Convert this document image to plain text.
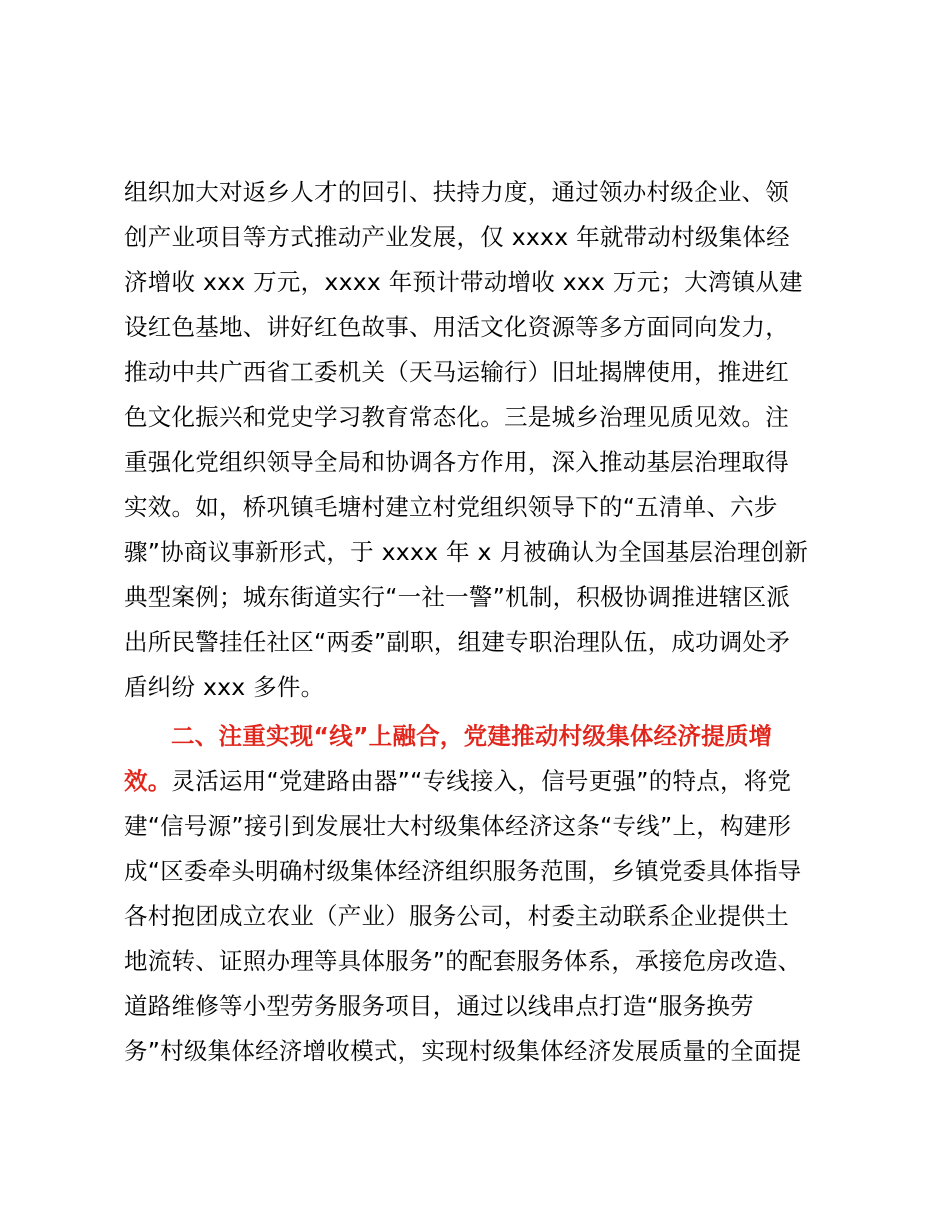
组织加大对返乡人才的回引、扶持力度，通过领办村级企业、领
创产业项目等方式推动产业发展，仅 xxxx 年就带动村级集体经
济增收 xxx 万元，xxxx 年预计带动增收 xxx 万元；大湾镇从建
设红色基地、讲好红色故事、用活文化资源等多方面同向发力，
推动中共广西省工委机关（天马运输行）旧址揭牌使用，推进红
色文化振兴和党史学习教育常态化。三是城乡治理见质见效。注
重强化党组织领导全局和协调各方作用，深入推动基层治理取得
实效。如，桥巩镇毛塘村建立村党组织领导下的“五清单、六步
骤”协商议事新形式，于 xxxx 年 x 月被确认为全国基层治理创新
典型案例；城东街道实行“一社一警”机制，积极协调推进辖区派
出所民警挂任社区“两委”副职，组建专职治理队伍，成功调处矛
盾纠纷 xxx 多件。
二、注重实现“线”上融合，党建推动村级集体经济提质增
效。灵活运用“党建路由器”“专线接入，信号更强”的特点，将党
建“信号源”接引到发展壮大村级集体经济这条“专线”上，构建形
成“区委牵头明确村级集体经济组织服务范围，乡镇党委具体指导
各村抱团成立农业（产业）服务公司，村委主动联系企业提供土
地流转、证照办理等具体服务”的配套服务体系，承接危房改造、
道路维修等小型劳务服务项目，通过以线串点打造“服务换劳
务”村级集体经济增收模式，实现村级集体经济发展质量的全面提
